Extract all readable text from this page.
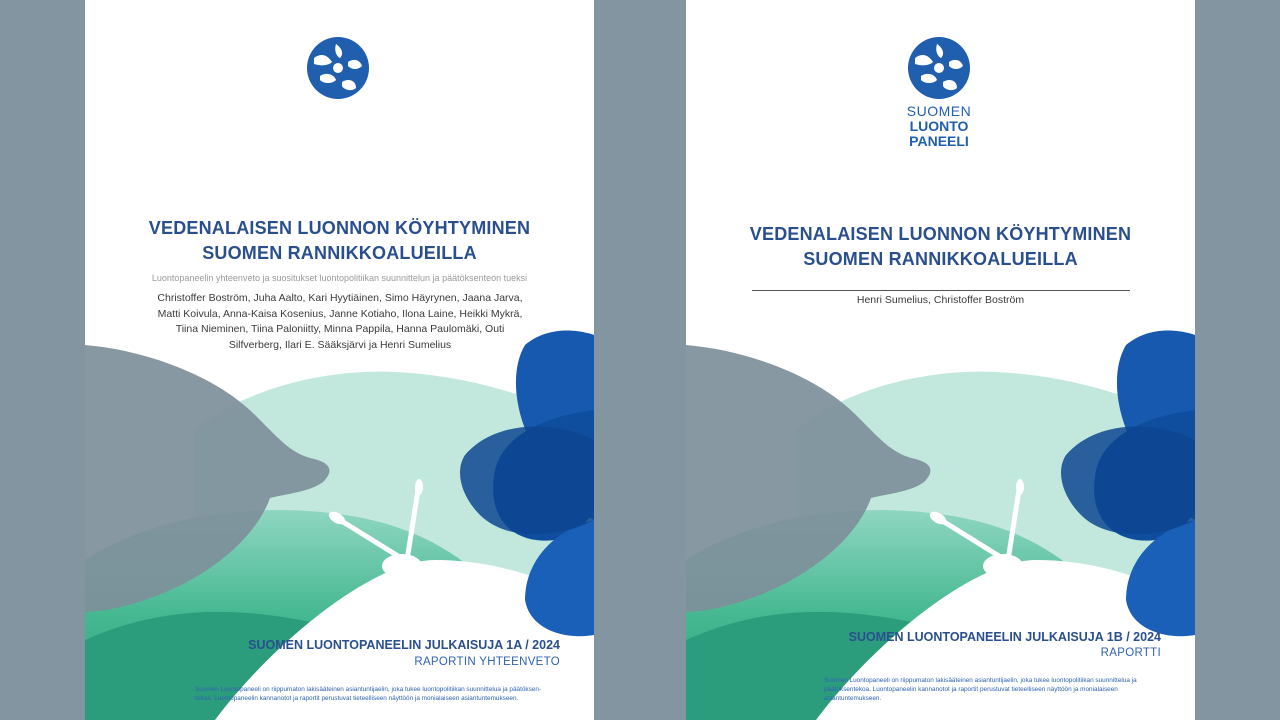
VEDENALAISEN LUONNON KÖYHTYMINEN
SUOMEN RANNIKKOALUEILLA
Luontopaneelin yhteenveto ja suositukset luontopolitiikan suunnittelun ja päätöksenteon tueksi
Christoffer Boström, Juha Aalto, Kari Hyytiäinen, Simo Häyrynen, Jaana Jarva,
Matti Koivula, Anna-Kaisa Kosenius, Janne Kotiaho, Ilona Laine, Heikki Mykrä,
Tiina Nieminen, Tiina Paloniitty, Minna Pappila, Hanna Paulomäki, Outi
Silfverberg, Ilari E. Sääksjärvi ja Henri Sumelius
SUOMEN LUONTOPANEELIN JULKAISUJA 1A / 2024
RAPORTIN YHTEENVETO
Suomen Luontopaneeli on riippumaton lakisääteinen asiantuntijaelin, joka tukee luontopolitiikan suunnittelua ja päätöksen-
tekoa. Luontopaneelin kannanotot ja raportit perustuvat tieteelliseen näyttöön ja monialaiseen asiantuntemukseen.
SUOMEN
LUONTO
PANEELI
VEDENALAISEN LUONNON KÖYHTYMINEN
SUOMEN RANNIKKOALUEILLA
Henri Sumelius, Christoffer Boström
SUOMEN LUONTOPANEELIN JULKAISUJA 1B / 2024
RAPORTTI
Suomen Luontopaneeli on riippumaton lakisääteinen asiantuntijaelin, joka tukee luontopolitiikan suunnittelua ja
päätöksentekoa. Luontopaneelin kannanotot ja raportit perustuvat tieteelliseen näyttöön ja monialaiseen
asiantuntemukseen.
